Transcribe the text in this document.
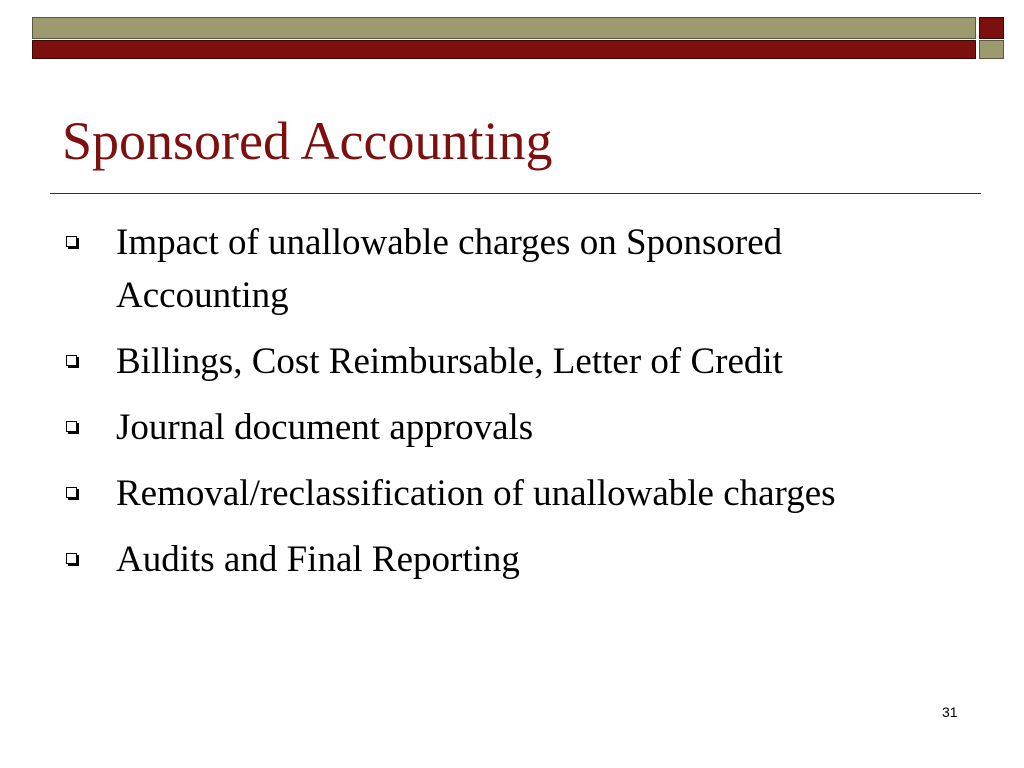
Sponsored Accounting
Impact of unallowable charges on Sponsored Accounting
Billings, Cost Reimbursable, Letter of Credit
Journal document approvals
Removal/reclassification of unallowable charges
Audits and Final Reporting
31
